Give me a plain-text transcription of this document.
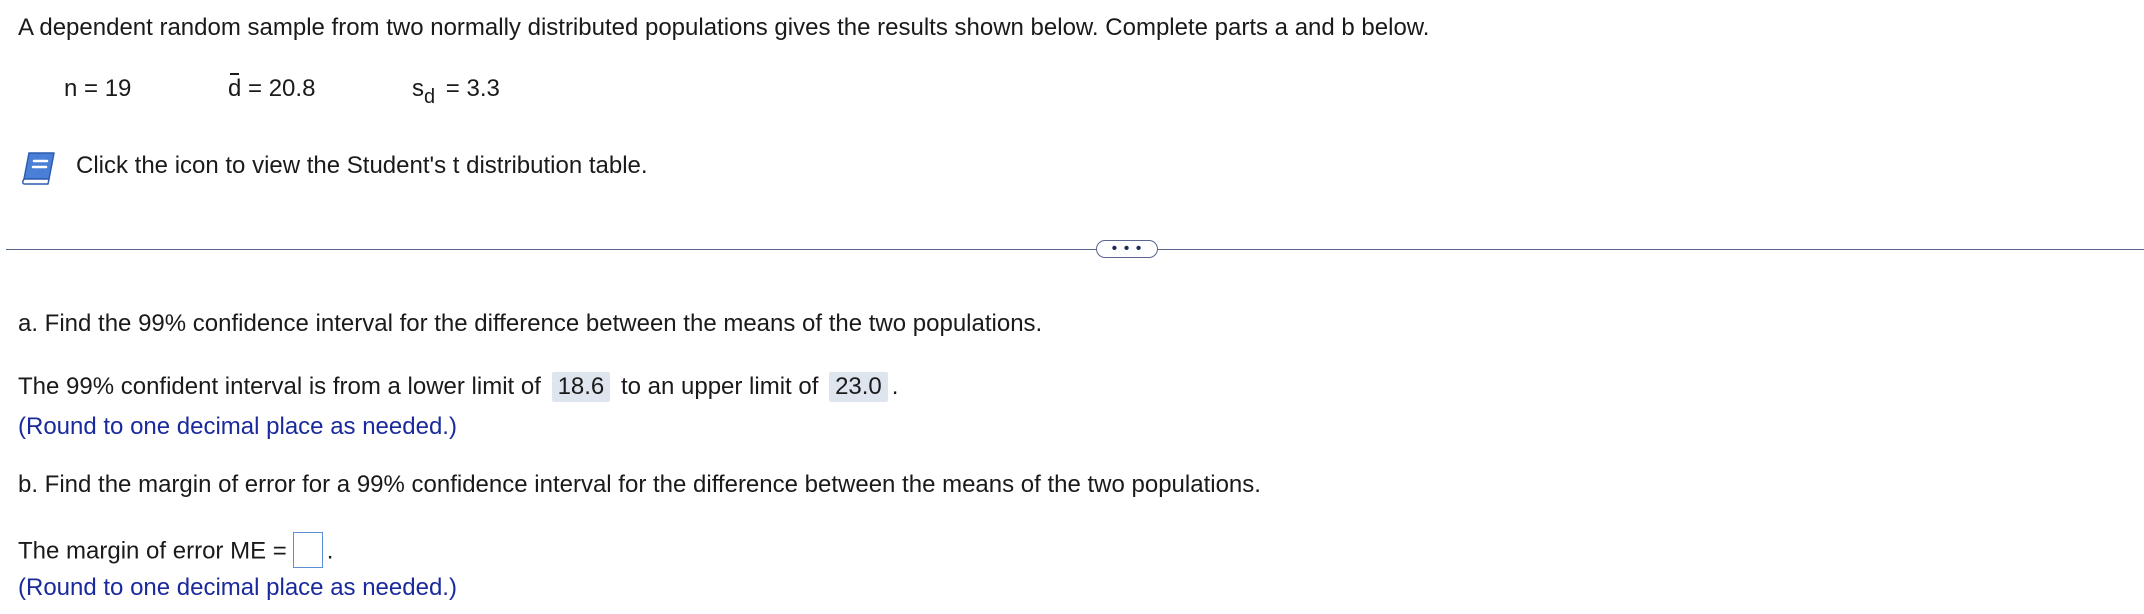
A dependent random sample from two normally distributed populations gives the results shown below. Complete parts a and b below.
n = 19	d = 20.8	$s_d = 3.3$
Click the icon to view the Student's t distribution table.
• • •
a. Find the 99% confidence interval for the difference between the means of the two populations.
The 99% confident interval is from a lower limit of 18.6 to an upper limit of 23.0 .
(Round to one decimal place as needed.)
b. Find the margin of error for a 99% confidence interval for the difference between the means of the two populations.
The margin of error ME = .
(Round to one decimal place as needed.)
